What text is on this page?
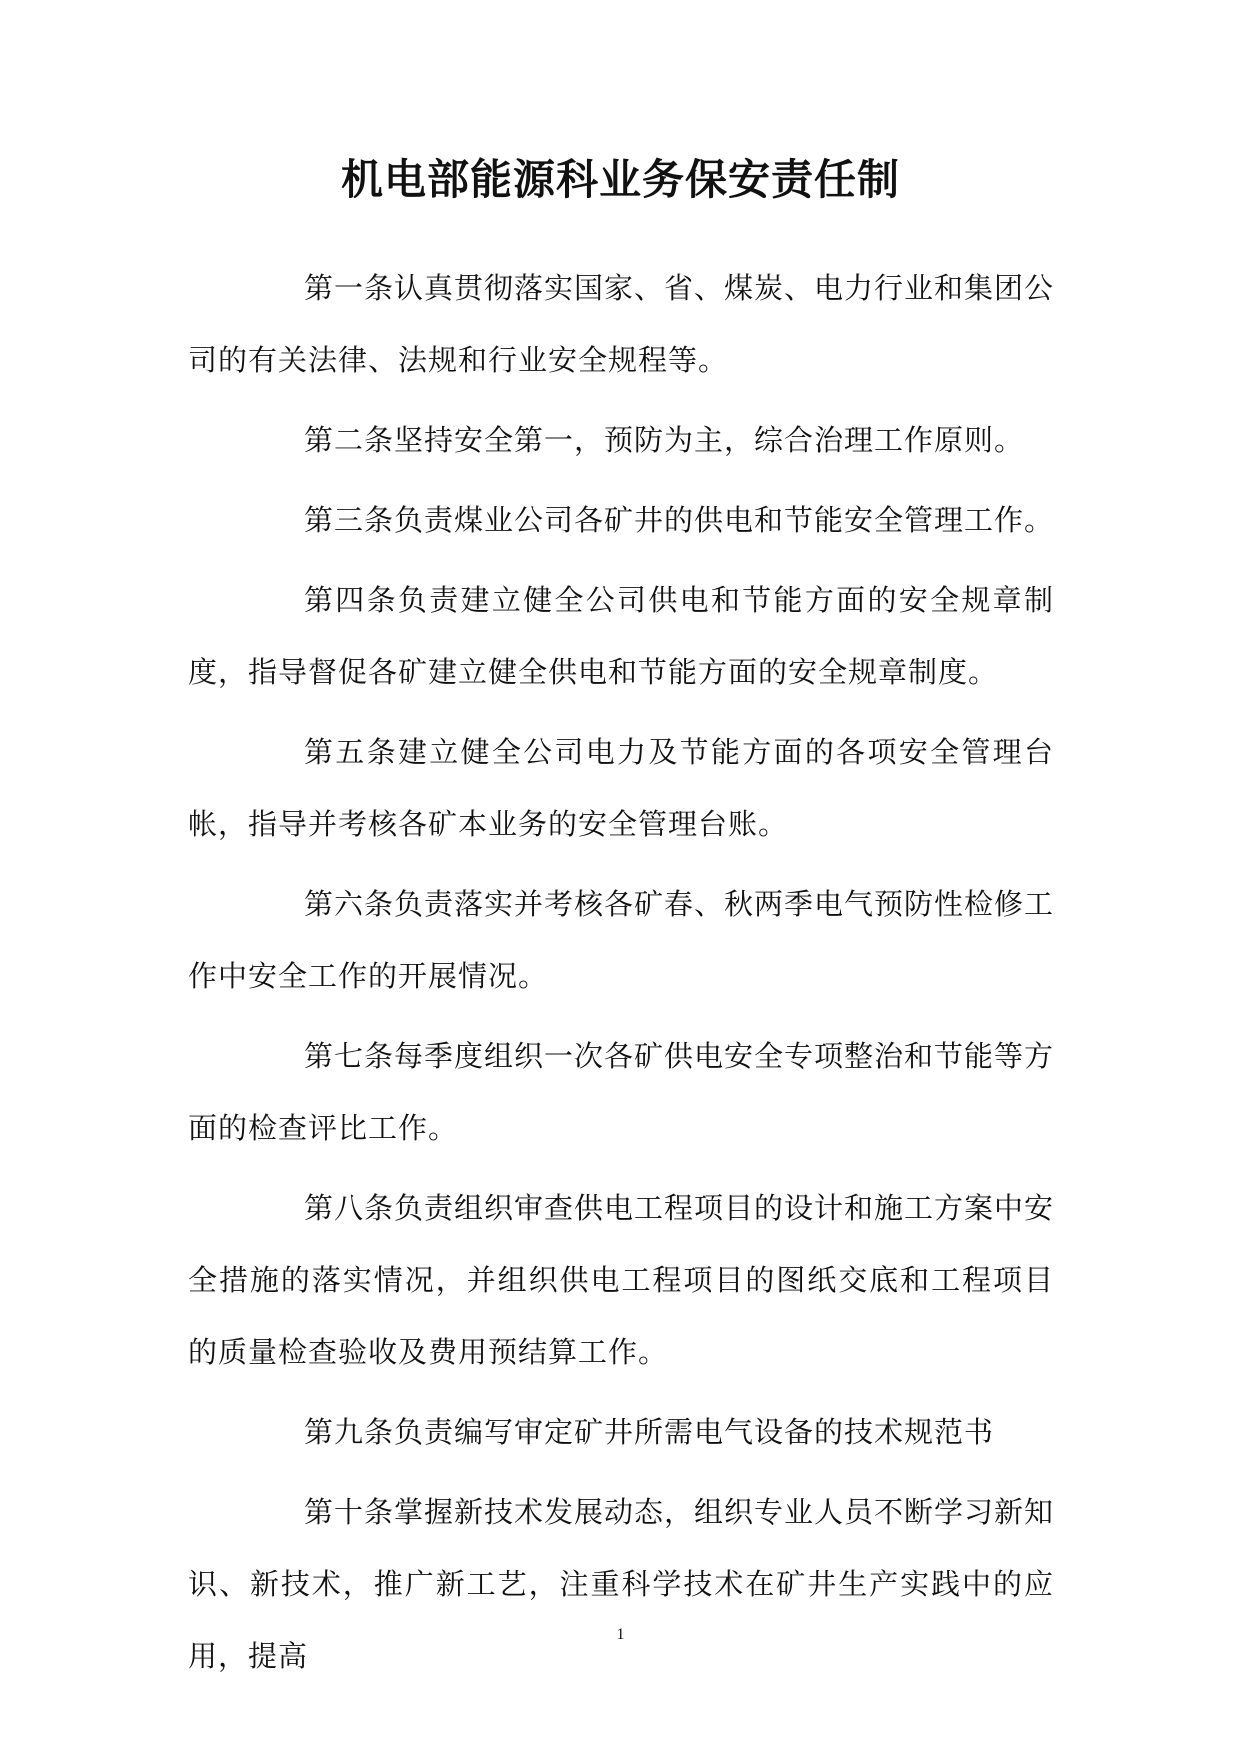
机电部能源科业务保安责任制

第一条认真贯彻落实国家、省、煤炭、电力行业和集团公司的有关法律、法规和行业安全规程等。

第二条坚持安全第一，预防为主，综合治理工作原则。

第三条负责煤业公司各矿井的供电和节能安全管理工作。

第四条负责建立健全公司供电和节能方面的安全规章制度，指导督促各矿建立健全供电和节能方面的安全规章制度。

第五条建立健全公司电力及节能方面的各项安全管理台帐，指导并考核各矿本业务的安全管理台账。

第六条负责落实并考核各矿春、秋两季电气预防性检修工作中安全工作的开展情况。

第七条每季度组织一次各矿供电安全专项整治和节能等方面的检查评比工作。

第八条负责组织审查供电工程项目的设计和施工方案中安全措施的落实情况，并组织供电工程项目的图纸交底和工程项目的质量检查验收及费用预结算工作。

第九条负责编写审定矿井所需电气设备的技术规范书

第十条掌握新技术发展动态，组织专业人员不断学习新知识、新技术，推广新工艺，注重科学技术在矿井生产实践中的应用，提高

1
